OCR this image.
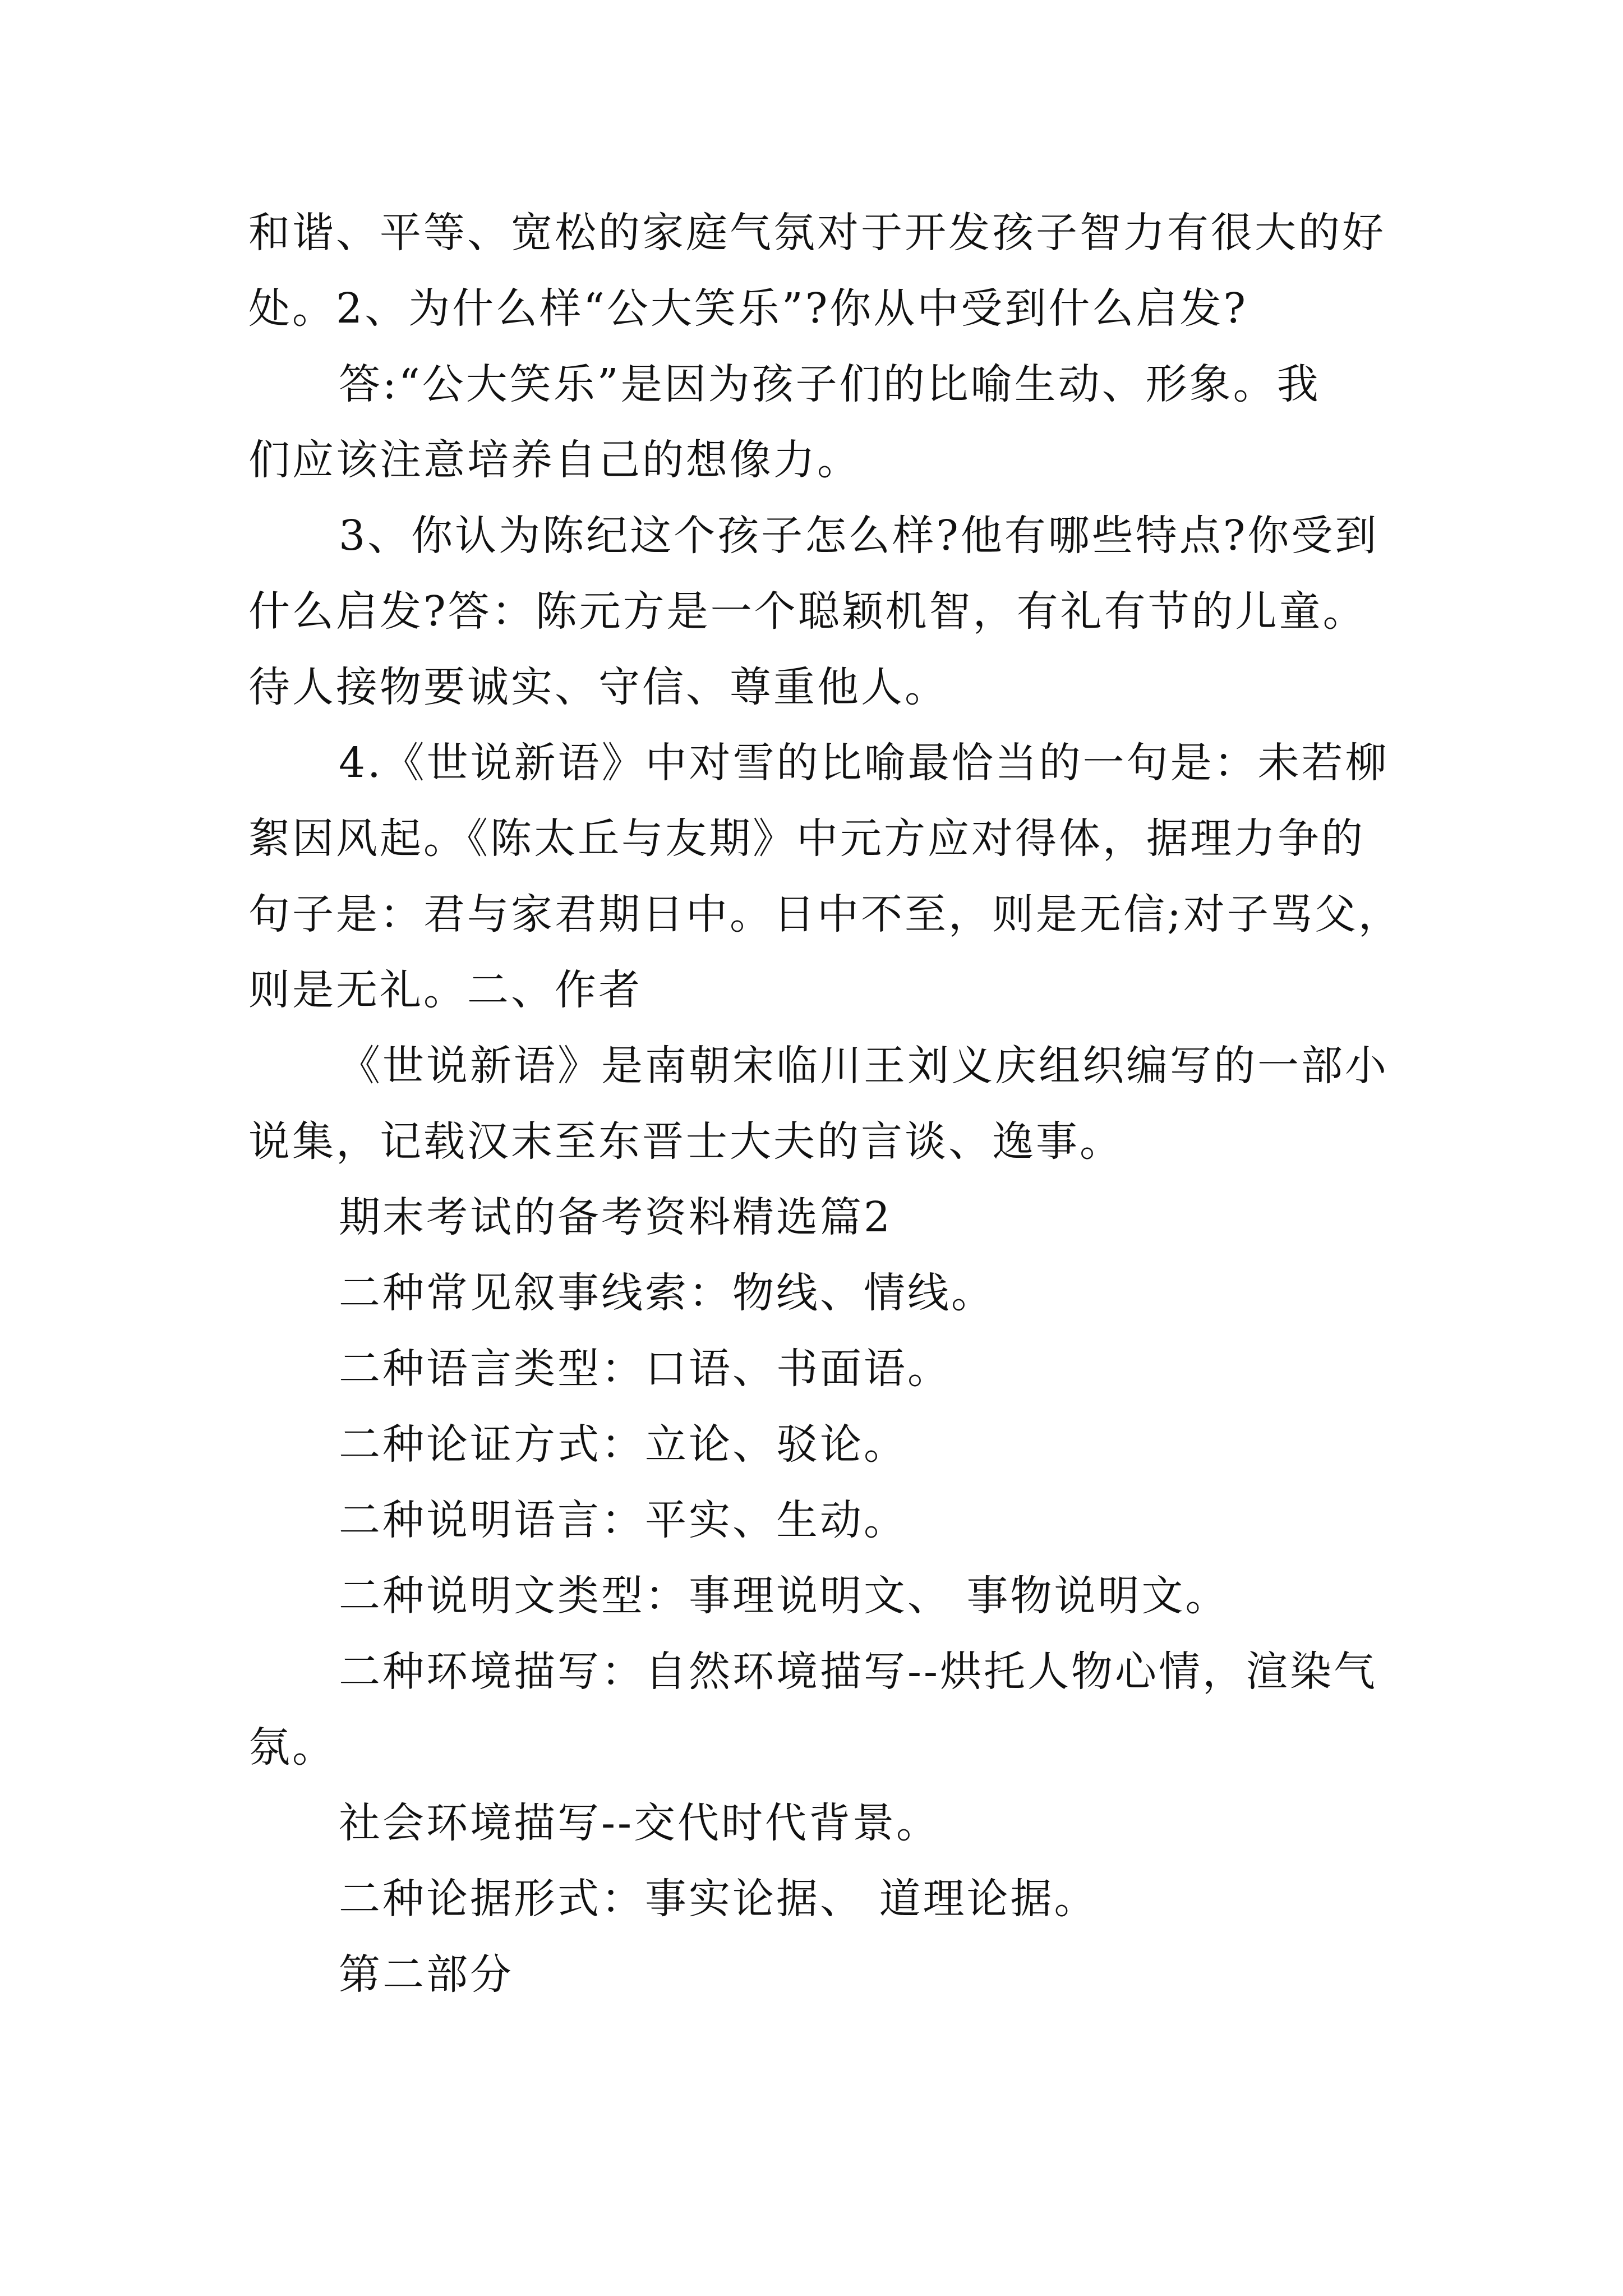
和谐、平等、宽松的家庭气氛对于开发孩子智力有很大的好

处。2、为什么样“公大笑乐”?你从中受到什么启发?

答:“公大笑乐”是因为孩子们的比喻生动、形象。我

们应该注意培养自己的想像力。

3、你认为陈纪这个孩子怎么样?他有哪些特点?你受到

什么启发?答：陈元方是一个聪颖机智，有礼有节的儿童。

待人接物要诚实、守信、尊重他人。

4.《世说新语》中对雪的比喻最恰当的一句是：未若柳

絮因风起。《陈太丘与友期》中元方应对得体，据理力争的

句子是：君与家君期日中。日中不至，则是无信;对子骂父，

则是无礼。二、作者

《世说新语》是南朝宋临川王刘义庆组织编写的一部小

说集，记载汉末至东晋士大夫的言谈、逸事。

期末考试的备考资料精选篇2

二种常见叙事线索：物线、情线。

二种语言类型：口语、书面语。

二种论证方式：立论、驳论。

二种说明语言：平实、生动。

二种说明文类型：事理说明文、 事物说明文。

二种环境描写：自然环境描写--烘托人物心情，渲染气

氛。

社会环境描写--交代时代背景。

二种论据形式：事实论据、 道理论据。

第二部分
